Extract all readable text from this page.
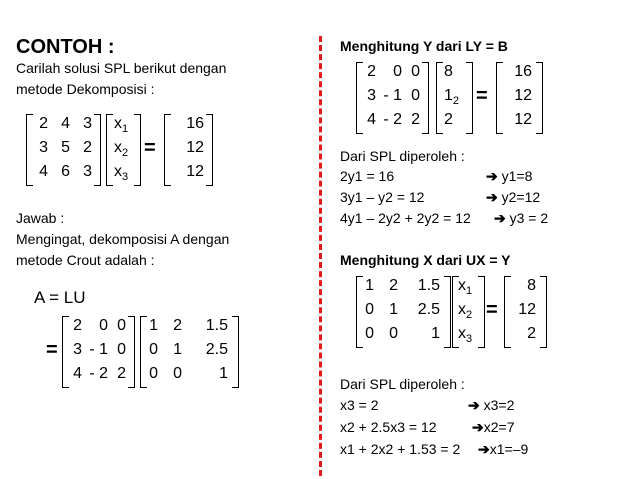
CONTOH :
Carilah solusi SPL berikut dengan
metode Dekomposisi :
2 4 3
3 5 2
4 6 3
$x_1$
$x_2$
$x_3$
=
16
12
12
Jawab :
Mengingat, dekomposisi A dengan
metode Crout adalah :
A = LU
=
2	0 0
3 - 1 0
4 - 2 2
1 2	1.5
0 1	2.5
0 0	1
Menghitung Y dari LY = B
2	0 0
3 - 1 0
4 - 2 2
8
$1_2$
2
=
16
12
12
Dari SPL diperoleh :
2y1 = 16	➔ y1=8
3y1 – y2 = 12	➔ y2=12
4y1 – 2y2 + 2y2 = 12 ➔ y3 = 2
Menghitung X dari UX = Y
1 2	1.5
0 1	2.5
0 0	1
$x_1$
$x_2$
$x_3$
=
8
12
2
Dari SPL diperoleh :
x3 = 2	➔ x3=2
x2 + 2.5x3 = 12	➔x2=7
x1 + 2x2 + 1.53 = 2 ➔x1=–9
